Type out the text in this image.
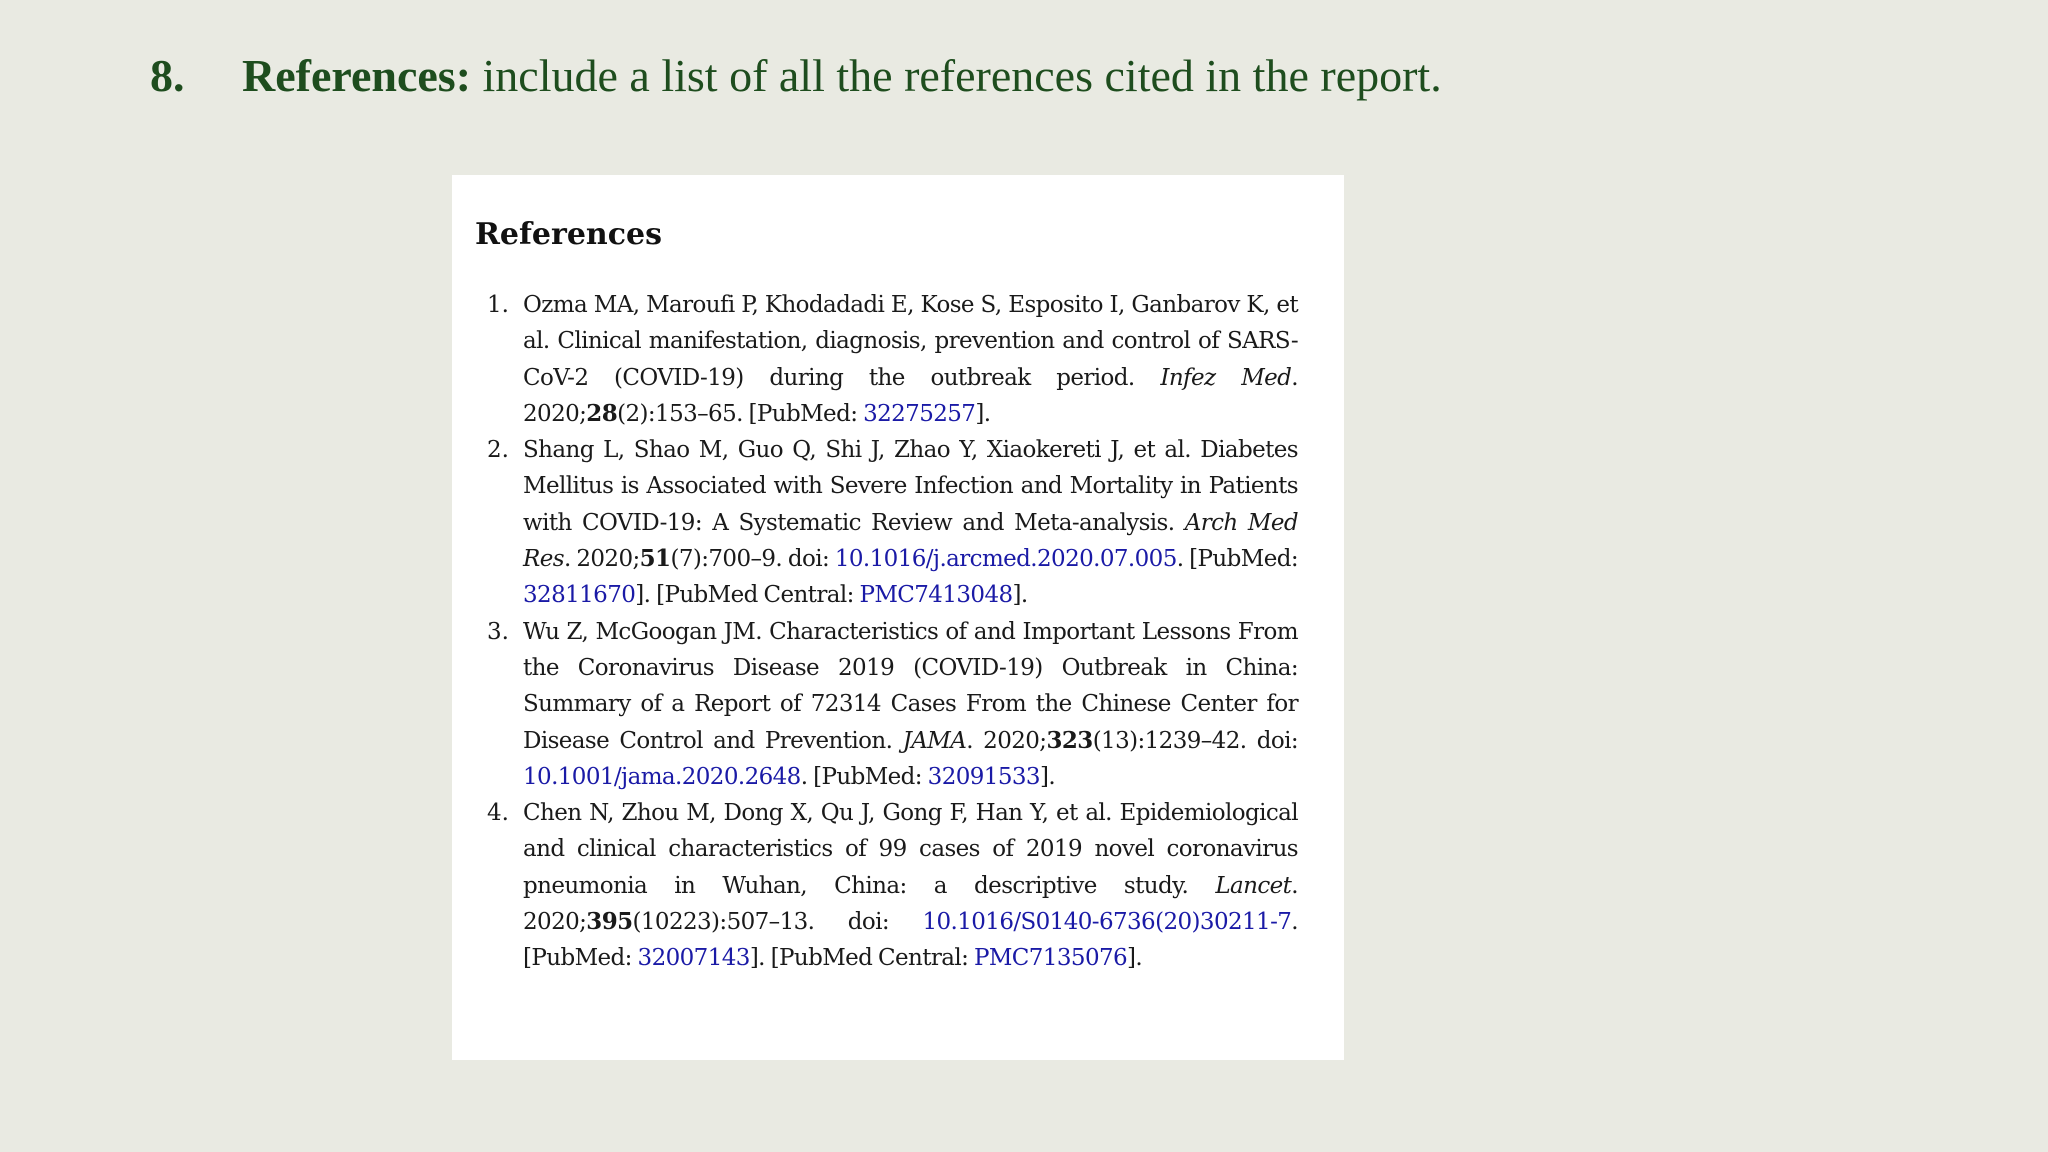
8. References: include a list of all the references cited in the report.
References
1. Ozma MA, Maroufi P, Khodadadi E, Kose S, Esposito I, Ganbarov K, et al. Clinical manifestation, diagnosis, prevention and control of SARS-CoV-2 (COVID-19) during the outbreak period. Infez Med. 2020;28(2):153–65. [PubMed: 32275257].
2. Shang L, Shao M, Guo Q, Shi J, Zhao Y, Xiaokereti J, et al. Diabetes Mellitus is Associated with Severe Infection and Mortality in Patients with COVID-19: A Systematic Review and Meta-analysis. Arch Med Res. 2020;51(7):700–9. doi: 10.1016/j.arcmed.2020.07.005. [PubMed: 32811670]. [PubMed Central: PMC7413048].
3. Wu Z, McGoogan JM. Characteristics of and Important Lessons From the Coronavirus Disease 2019 (COVID-19) Outbreak in China: Summary of a Report of 72314 Cases From the Chinese Center for Disease Control and Prevention. JAMA. 2020;323(13):1239–42. doi: 10.1001/jama.2020.2648. [PubMed: 32091533].
4. Chen N, Zhou M, Dong X, Qu J, Gong F, Han Y, et al. Epidemiological and clinical characteristics of 99 cases of 2019 novel coronavirus pneumonia in Wuhan, China: a descriptive study. Lancet. 2020;395(10223):507–13. doi: 10.1016/S0140-6736(20)30211-7. [PubMed: 32007143]. [PubMed Central: PMC7135076].
